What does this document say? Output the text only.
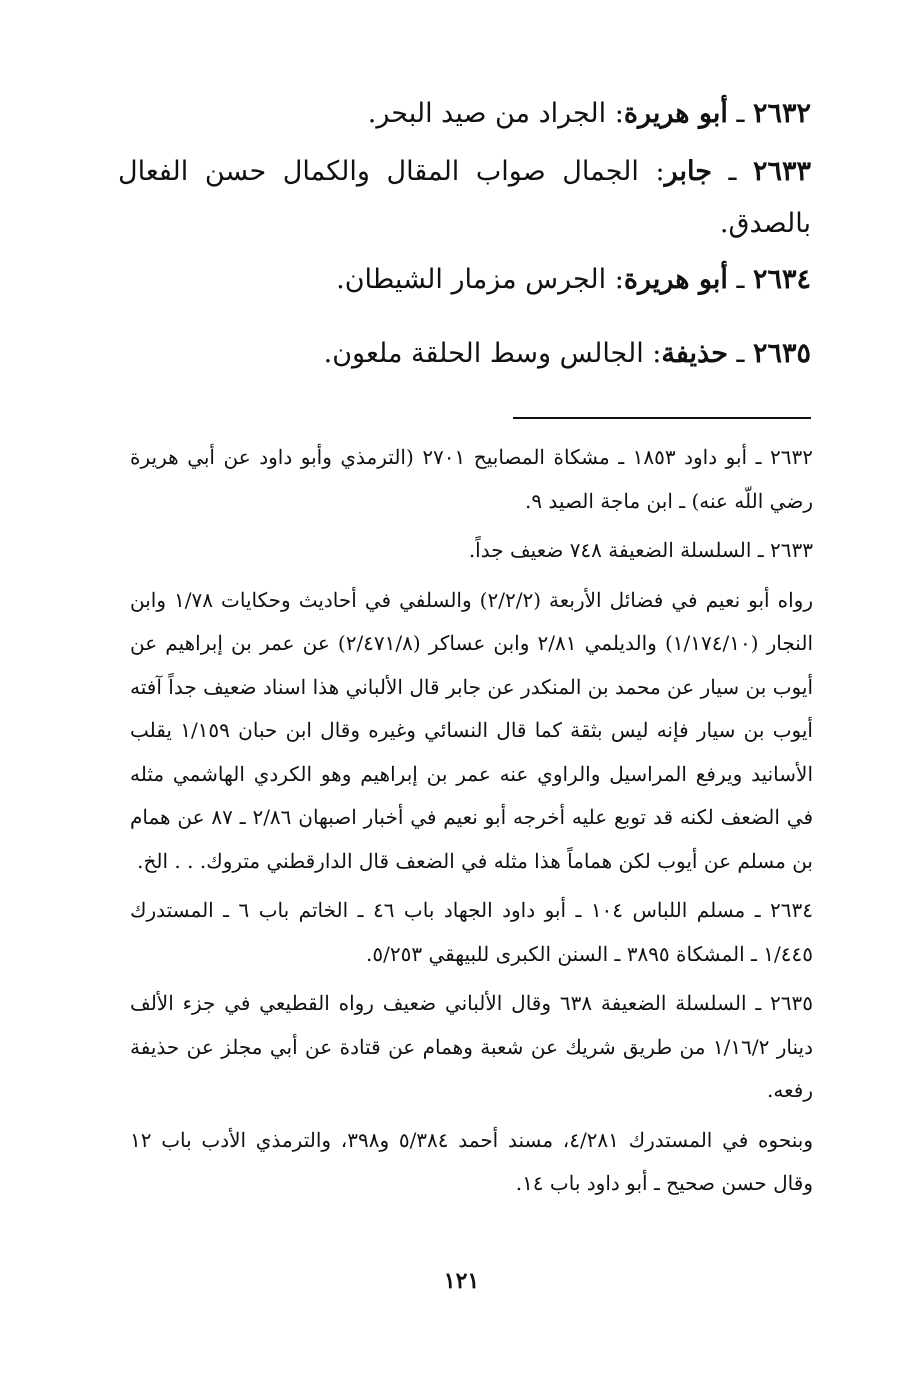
٢٦٣٢ ـ أبو هريرة: الجراد من صيد البحر.

٢٦٣٣ ـ جابر: الجمال صواب المقال والكمال حسن الفعال بالصدق.

٢٦٣٤ ـ أبو هريرة: الجرس مزمار الشيطان.

٢٦٣٥ ـ حذيفة: الجالس وسط الحلقة ملعون.

٢٦٣٢ ـ أبو داود ١٨٥٣ ـ مشكاة المصابيح ٢٧٠١ (الترمذي وأبو داود عن أبي هريرة رضي اللّه عنه) ـ ابن ماجة الصيد ٩.

٢٦٣٣ ـ السلسلة الضعيفة ٧٤٨ ضعيف جداً.

رواه أبو نعيم في فضائل الأربعة (٢/٢/٢) والسلفي في أحاديث وحكايات ١/٧٨ وابن النجار (١/١٧٤/١٠) والديلمي ٢/٨١ وابن عساكر (٢/٤٧١/٨) عن عمر بن إبراهيم عن أيوب بن سيار عن محمد بن المنكدر عن جابر قال الألباني هذا اسناد ضعيف جداً آفته أيوب بن سيار فإنه ليس بثقة كما قال النسائي وغيره وقال ابن حبان ١/١٥٩ يقلب الأسانيد ويرفع المراسيل والراوي عنه عمر بن إبراهيم وهو الكردي الهاشمي مثله في الضعف لكنه قد توبع عليه أخرجه أبو نعيم في أخبار اصبهان ٢/٨٦ ـ ٨٧ عن همام بن مسلم عن أيوب لكن هماماً هذا مثله في الضعف قال الدارقطني متروك. . . الخ.

٢٦٣٤ ـ مسلم اللباس ١٠٤ ـ أبو داود الجهاد باب ٤٦ ـ الخاتم باب ٦ ـ المستدرك ١/٤٤٥ ـ المشكاة ٣٨٩٥ ـ السنن الكبرى للبيهقي ٥/٢٥٣.

٢٦٣٥ ـ السلسلة الضعيفة ٦٣٨ وقال الألباني ضعيف رواه القطيعي في جزء الألف دينار ١/١٦/٢ من طريق شريك عن شعبة وهمام عن قتادة عن أبي مجلز عن حذيفة رفعه.

وبنحوه في المستدرك ٤/٢٨١، مسند أحمد ٥/٣٨٤ و٣٩٨، والترمذي الأدب باب ١٢ وقال حسن صحيح ـ أبو داود باب ١٤.

١٢١
